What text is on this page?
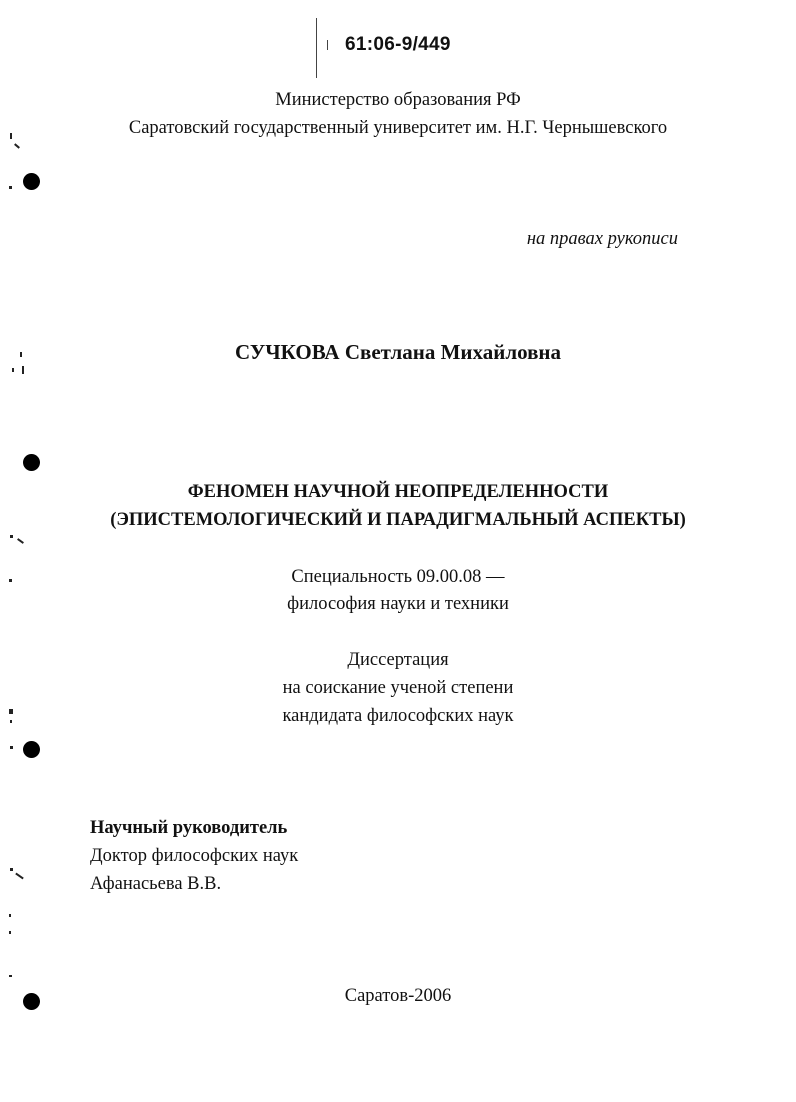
61:06-9/449
Министерство образования РФ
Саратовский государственный университет им. Н.Г. Чернышевского
на правах рукописи
СУЧКОВА Светлана Михайловна
ФЕНОМЕН НАУЧНОЙ НЕОПРЕДЕЛЕННОСТИ
(ЭПИСТЕМОЛОГИЧЕСКИЙ И ПАРАДИГМАЛЬНЫЙ АСПЕКТЫ)
Специальность 09.00.08 —
философия науки и техники
Диссертация
на соискание ученой степени
кандидата философских наук
Научный руководитель
Доктор философских наук
Афанасьева В.В.
Саратов-2006
